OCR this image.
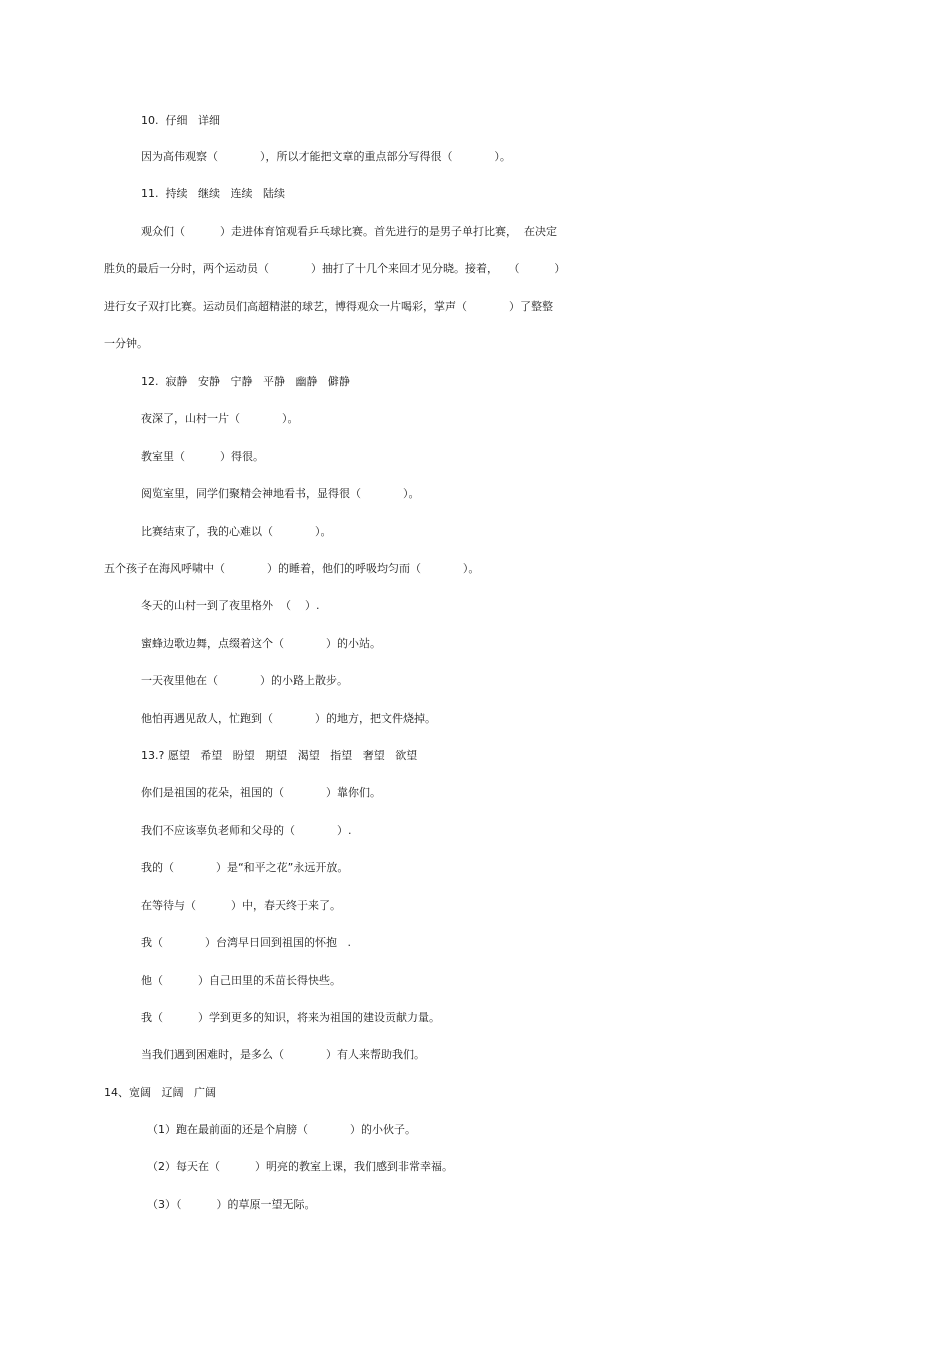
10.  仔细   详细
因为高伟观察（            ），所以才能把文章的重点部分写得很（            ）。
11.  持续   继续   连续   陆续
观众们（          ）走进体育馆观看乒乓球比赛。首先进行的是男子单打比赛，  在决定
胜负的最后一分时，两个运动员（            ）抽打了十几个来回才见分晓。接着，   （          ）
进行女子双打比赛。运动员们高超精湛的球艺，博得观众一片喝彩，掌声（            ）了整整
一分钟。
12.  寂静   安静   宁静   平静   幽静   僻静
夜深了，山村一片（            ）。
教室里（          ）得很。
阅览室里，同学们聚精会神地看书，显得很（            ）。
比赛结束了，我的心难以（            ）。
五个孩子在海风呼啸中（            ）的睡着，他们的呼吸均匀而（            ）。
冬天的山村一到了夜里格外  （    ）.
蜜蜂边歌边舞，点缀着这个（            ）的小站。
一天夜里他在（            ）的小路上散步。
他怕再遇见敌人，忙跑到（            ）的地方，把文件烧掉。
13.? 愿望   希望   盼望   期望   渴望   指望   奢望   欲望
你们是祖国的花朵，祖国的（            ）靠你们。
我们不应该辜负老师和父母的（            ）.
我的（            ）是“和平之花”永远开放。
在等待与（          ）中，春天终于来了。
我（            ）台湾早日回到祖国的怀抱   .
他（          ）自己田里的禾苗长得快些。
我（          ）学到更多的知识，将来为祖国的建设贡献力量。
当我们遇到困难时，是多么（            ）有人来帮助我们。
14、宽阔   辽阔   广阔
（1）跑在最前面的还是个肩膀（            ）的小伙子。
（2）每天在（          ）明亮的教室上课，我们感到非常幸福。
（3）（          ）的草原一望无际。
